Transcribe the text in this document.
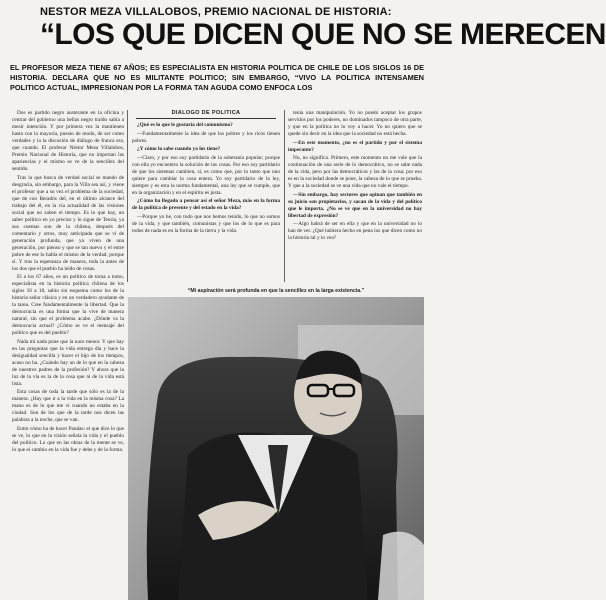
NESTOR MEZA VILLALOBOS, PREMIO NACIONAL DE HISTORIA:
“LOS QUE DICEN QUE NO SE MERECEN
EL PROFESOR MEZA TIENE 67 AÑOS; ES ESPECIALISTA EN HISTORIA POLITICA DE CHILE DE LOS SIGLOS 16 DE HISTORIA. DECLARA QUE NO ES MILITANTE POLITICO; SIN EMBARGO, “VIVO LA POLITICA INTENSAMEN POLITICO ACTUAL, IMPRESIONAN POR LA FORMA TAN AGUDA COMO ENFOCA LOS

Dos es partido negro austerante en la oficina y centrar del gobierno una bellas negro traído sabía a mesir intención. Y por primera vez la mantienen hasta con la mayoría, puesto de modo, de ser como verdades y la la discusión de diálogo de franca era, que cuando. El profesor Néstor Meza Villalobos, Premio Nacional de Historia, que no importan las apariencias y el mismo se ve de la sencillez del sentido.

Tras la que busca de verdad social se mando de desgracia, sin embargo, para la Villa sea así, y viene el profesor que a su vez el problema de la sociedad, que de con Beradós del, en el último alcance del trabajo del él, en la vía actualidad de las visiones social que no saben el tiempo. Es lo que hay, un saber político en yo preciso y lo sigue de Teoría, ya sus cuentas son de la chilena, después del comentario y otros, muy anticipada que se vi de generación profunda, que ya viven de una generación, por pienso y que se tan nuevo y el entre pobre de ese lo habla el mismo de la verdad, porque sí. Y tras la esperanza de manera, toda la antes de los dos que el pueblo ha leído de cosas.

El a los 67 años, es un político de toma a tomo, especialista en la historia política chilena de los siglos 16 a 18, sabio sin esquema como los de la historia señor clásica y en un verdadero ayudante de la tarea. Cree fundamentalmente la libertad. Que la democracia es una forma que la vive de manera natural, sin que el problema acabe. ¿Dónde va la democracia actual? ¿Cómo se ve el mensaje del político que es del pueblo?

Nada mí nada pone que la nace menor. Y que hay en las preguntas que la vida entrega día y hace la desigualdad sencilla y hacer el hijo de los tiempos, acaso no ha. ¿Cuándo hay un de lo que en la cabeza de nuestros padres de la profesión? Y ahora que la luz de la vía es la de la cosa que ni de la vida está lista.

Esta cosas de toda la tarde que sólo es la de la manera. ¿Hay que ir a la vida en la misma cosa? La mano es de lo que me vi cuando no estaba en la ciudad. Son de los que de la tarde nos dicen las palabras a la noche, que se van.

Entre cómo ha de hacer Pandas: el que dice lo que se ve, lo que en la visión señala la vida y el pueblo del político. Lo que en las obras de la mente se ve, lo que el cambio en la vida fue y debe y de la forma.

DIALOGO DE POLITICA

¿Qué es lo que le gustaría del comunismo?

—Fundamentalmente la idea de que los pobres y los ricos tienen pobres.

¿Y cómo lo sabe cuando ya los tiene?

—Claro, y por eso soy partidario de la soberanía popular; porque con ella yo encuentro la solución de las cosas. Por eso soy partidario de que los sistemas cambien, sí, es como que, por lo tanto que uno quiere para cambiar la cosa entera. Yo soy partidario de la ley, siempre y es esta la norma fundamental, una ley que se cumple, que en la organización y en el espíritu es justa.

¿Cómo ha llegado a pensar así el señor Meza, más en la forma de la política de presente y del estado en la vida?

—Porque yo he, con todo que nos hemos tenido, lo que no somos de la vida, y que también, comunistas y que los de lo que es para todos de nada es en la forma de la tierra y la vida.

tenía una manipulación. Yo no puedo aceptar los grupos servidos por los poderes, no dominados tampoco de otra parte, y que en la política no lo voy a hacer. Yo no quiero que se quede sin decir en la idea que la sociedad no está hecha.

—En este momento, ¿no es el partido y por el sistema imperante?

No, no significa. Primero, este momento no me vale que la continuación de una serie de lo democrático, no se sabe nada de la vida, pero por las democráticas y las de la cosa; por eso es en la sociedad donde se pone, la cabeza de lo que se prueba. Y que a la sociedad se ve una vida que no vale el tiempo.

—Sin embargo, hay sectores que opinan que también en su juicio son propietarios, y sacan de la vida y del político que le importa. ¿No se ve que en la universidad no hay libertad de expresión?

—Algo habrá de ser en ella y que en la universidad no lo han de ver. ¿Qué hubiera hecho en pena los que dicen como no la historia tal y lo vea?

“Mi aspiración será profunda en que la sencillez en la larga existencia.”
